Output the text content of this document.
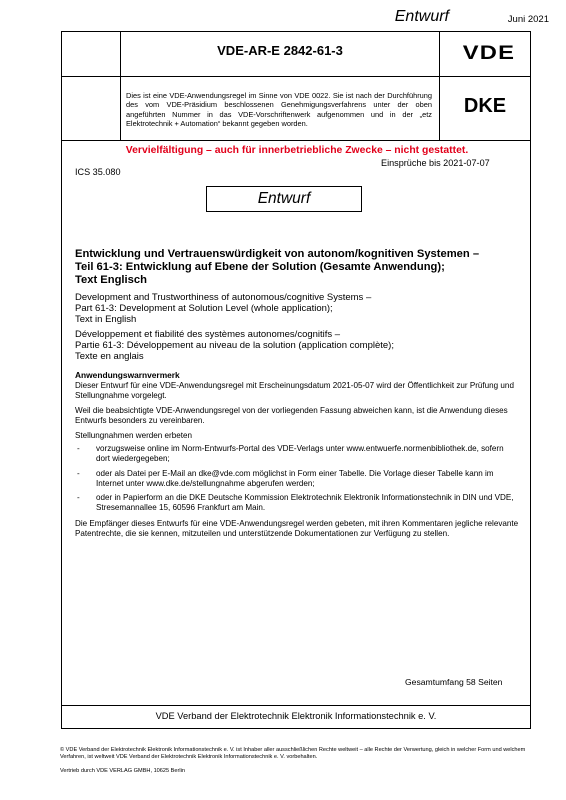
Entwurf	Juni 2021
VDE-AR-E 2842-61-3	VDE
Dies ist eine VDE-Anwendungsregel im Sinne von VDE 0022. Sie ist nach der Durchführung des vom VDE-Präsidium beschlossenen Genehmigungsverfahrens unter der oben angeführten Nummer in das VDE-Vorschriftenwerk aufgenommen und in der „etz Elektrotechnik + Automation“ bekannt gegeben worden.
DKE
Vervielfältigung – auch für innerbetriebliche Zwecke – nicht gestattet.
Einsprüche bis 2021-07-07
ICS 35.080
Entwurf
Entwicklung und Vertrauenswürdigkeit von autonom/kognitiven Systemen –
Teil 61-3: Entwicklung auf Ebene der Solution (Gesamte Anwendung);
Text Englisch
Development and Trustworthiness of autonomous/cognitive Systems –
Part 61-3: Development at Solution Level (whole application);
Text in English
Développement et fiabilité des systèmes autonomes/cognitifs –
Partie 61-3: Développement au niveau de la solution (application complète);
Texte en anglais
Anwendungswarnvermerk
Dieser Entwurf für eine VDE-Anwendungsregel mit Erscheinungsdatum 2021-05-07 wird der Öffentlichkeit zur Prüfung und Stellungnahme vorgelegt.
Weil die beabsichtigte VDE-Anwendungsregel von der vorliegenden Fassung abweichen kann, ist die Anwendung dieses Entwurfs besonders zu vereinbaren.
Stellungnahmen werden erbeten
- vorzugsweise online im Norm-Entwurfs-Portal des VDE-Verlags unter www.entwuerfe.normenbibliothek.de, sofern dort wiedergegeben;
- oder als Datei per E-Mail an dke@vde.com möglichst in Form einer Tabelle. Die Vorlage dieser Tabelle kann im Internet unter www.dke.de/stellungnahme abgerufen werden;
- oder in Papierform an die DKE Deutsche Kommission Elektrotechnik Elektronik Informationstechnik in DIN und VDE, Stresemannallee 15, 60596 Frankfurt am Main.
Die Empfänger dieses Entwurfs für eine VDE-Anwendungsregel werden gebeten, mit ihren Kommentaren jegliche relevante Patentrechte, die sie kennen, mitzuteilen und unterstützende Dokumentationen zur Verfügung zu stellen.
Gesamtumfang 58 Seiten
VDE Verband der Elektrotechnik Elektronik Informationstechnik e. V.
© VDE Verband der Elektrotechnik Elektronik Informationstechnik e. V. ist Inhaber aller ausschließlichen Rechte weltweit – alle Rechte der Verwertung, gleich in welcher Form und welchem Verfahren, ist weltweit VDE Verband der Elektrotechnik Elektronik Informationstechnik e. V. vorbehalten.
Vertrieb durch VDE VERLAG GMBH, 10625 Berlin
